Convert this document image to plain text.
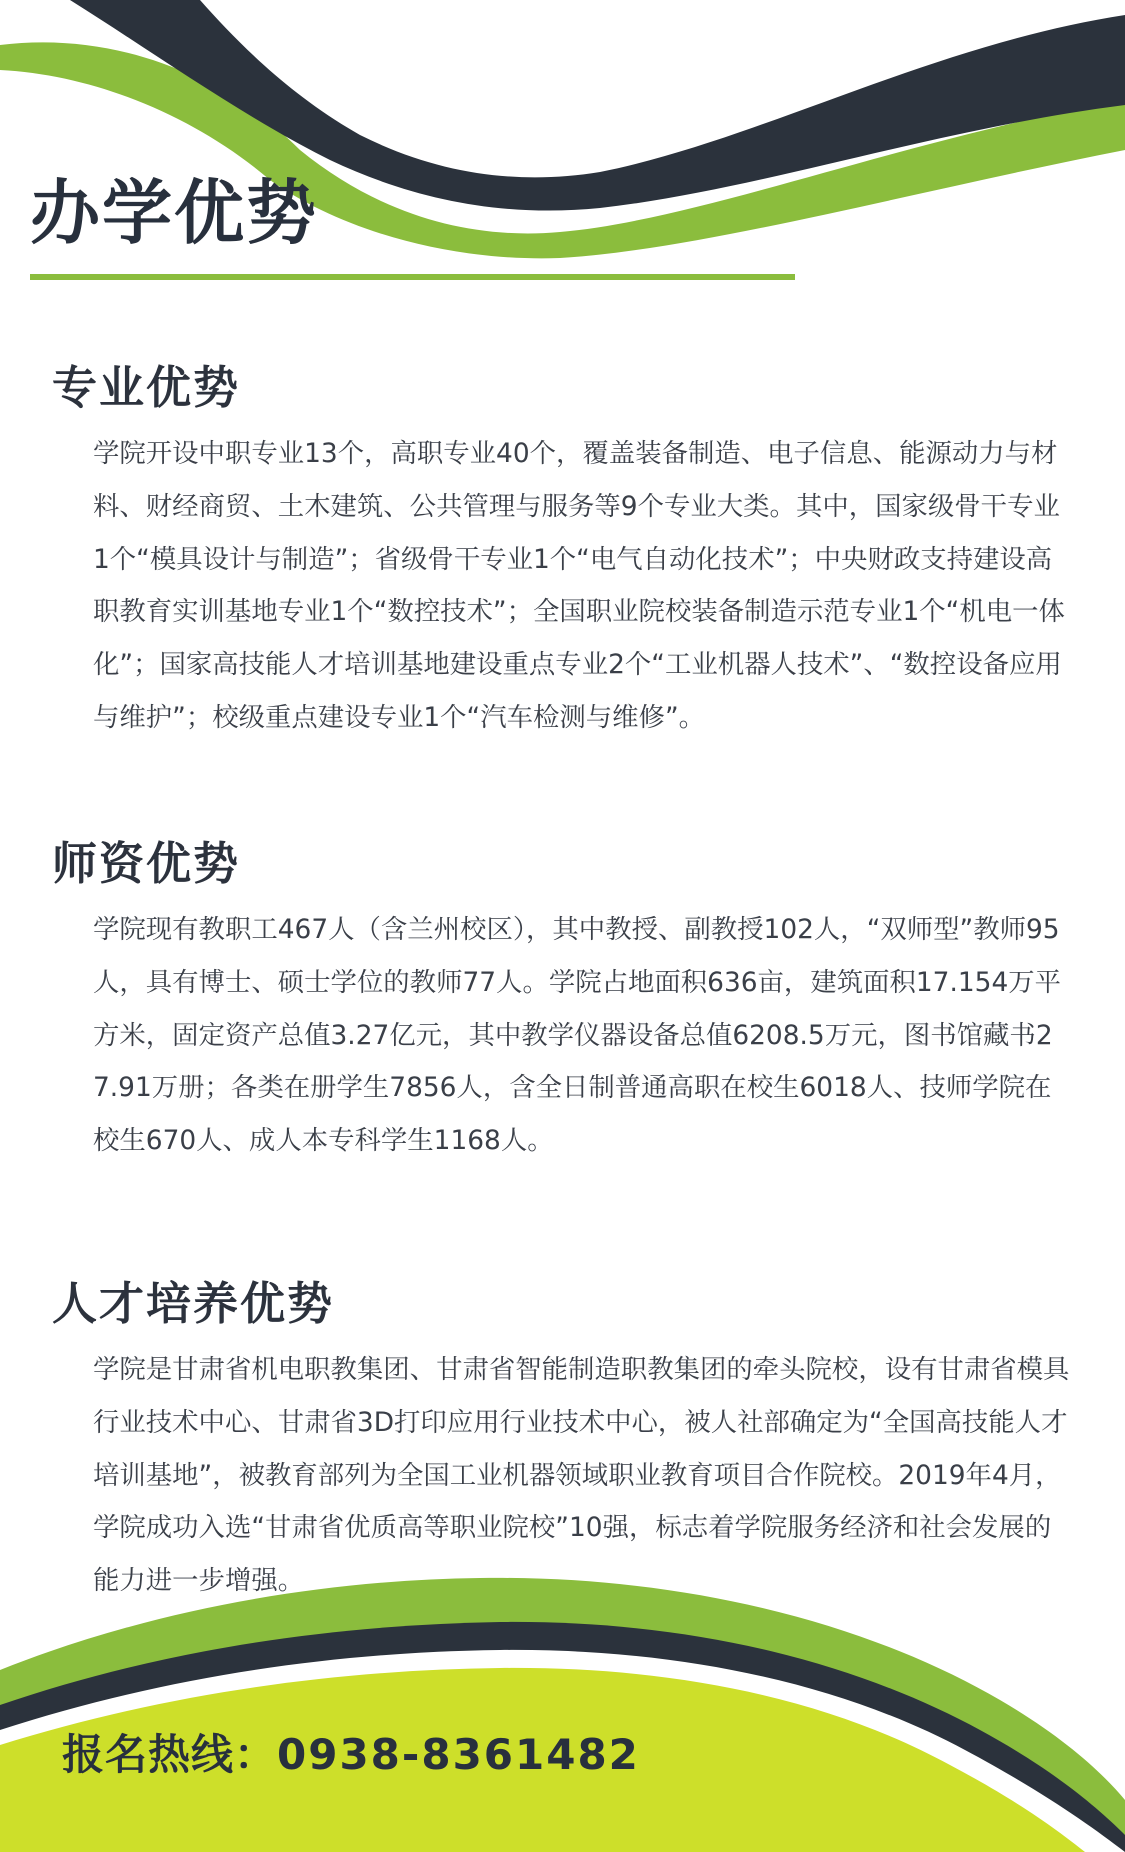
办学优势
专业优势

学院开设中职专业13个，高职专业40个，覆盖装备制造、电子信息、能源动力与材料、财经商贸、土木建筑、公共管理与服务等9个专业大类。其中，国家级骨干专业1个“模具设计与制造”；省级骨干专业1个“电气自动化技术”；中央财政支持建设高职教育实训基地专业1个“数控技术”；全国职业院校装备制造示范专业1个“机电一体化”；国家高技能人才培训基地建设重点专业2个“工业机器人技术”、“数控设备应用与维护”；校级重点建设专业1个“汽车检测与维修”。

师资优势

学院现有教职工467人（含兰州校区），其中教授、副教授102人，“双师型”教师95人，具有博士、硕士学位的教师77人。学院占地面积636亩，建筑面积17.154万平方米，固定资产总值3.27亿元，其中教学仪器设备总值6208.5万元，图书馆藏书27.91万册；各类在册学生7856人，含全日制普通高职在校生6018人、技师学院在校生670人、成人本专科学生1168人。

人才培养优势

学院是甘肃省机电职教集团、甘肃省智能制造职教集团的牵头院校，设有甘肃省模具行业技术中心、甘肃省3D打印应用行业技术中心，被人社部确定为“全国高技能人才培训基地”，被教育部列为全国工业机器领域职业教育项目合作院校。2019年4月，学院成功入选“甘肃省优质高等职业院校”10强，标志着学院服务经济和社会发展的能力进一步增强。

报名热线：0938-8361482
